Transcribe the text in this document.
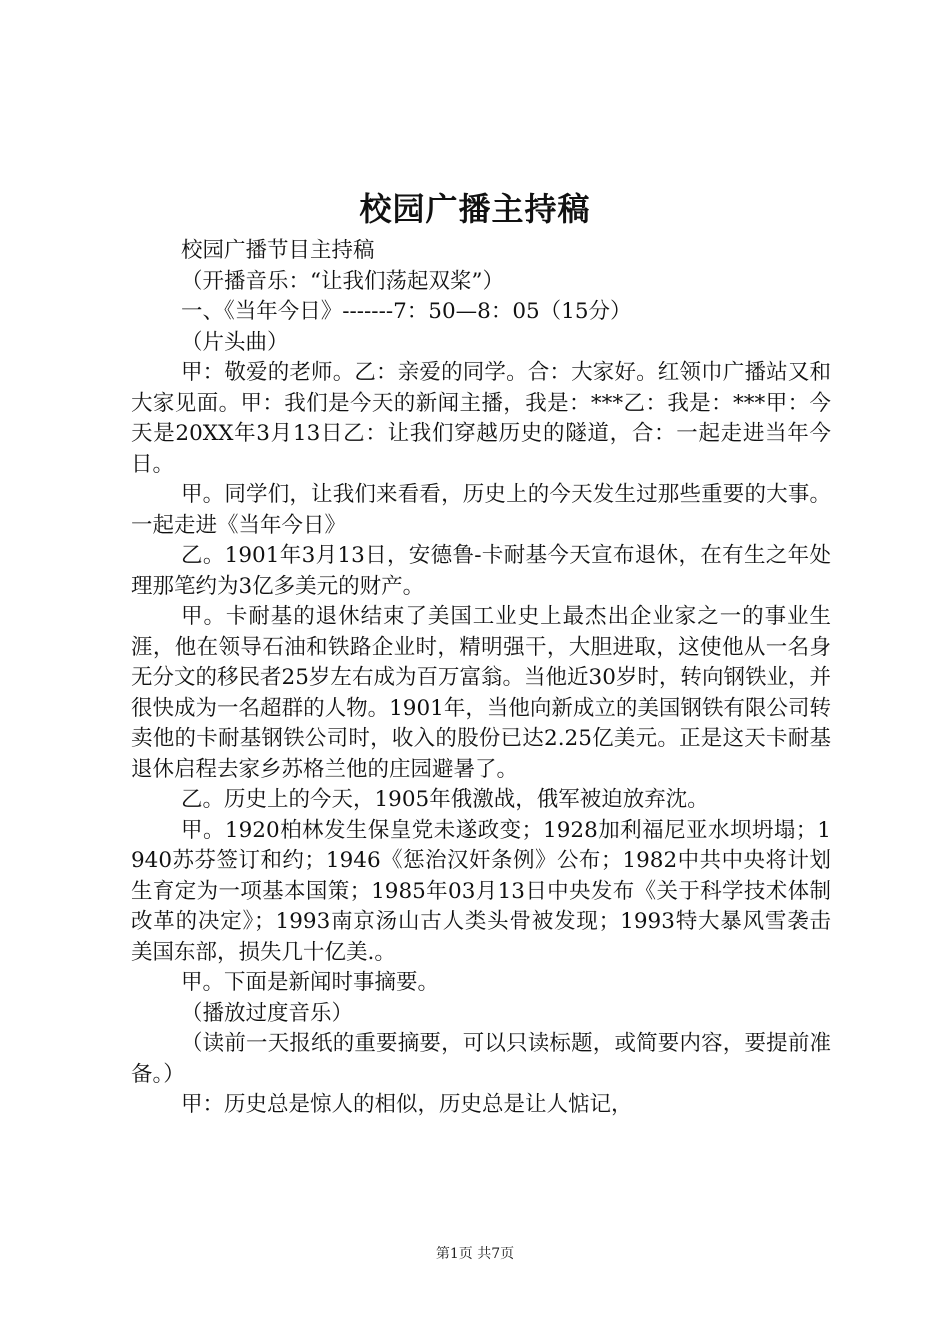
校园广播主持稿

校园广播节目主持稿

（开播音乐：“让我们荡起双桨”）

一、《当年今日》-------7：50—8：05（15分）

（片头曲）

甲：敬爱的老师。乙：亲爱的同学。合：大家好。红领巾广播站又和大家见面。甲：我们是今天的新闻主播，我是：***乙：我是：***甲：今天是20XX年3月13日乙：让我们穿越历史的隧道，合：一起走进当年今日。

甲。同学们，让我们来看看，历史上的今天发生过那些重要的大事。一起走进《当年今日》

乙。1901年3月13日，安德鲁-卡耐基今天宣布退休，在有生之年处理那笔约为3亿多美元的财产。

甲。卡耐基的退休结束了美国工业史上最杰出企业家之一的事业生涯，他在领导石油和铁路企业时，精明强干，大胆进取，这使他从一名身无分文的移民者25岁左右成为百万富翁。当他近30岁时，转向钢铁业，并很快成为一名超群的人物。1901年，当他向新成立的美国钢铁有限公司转卖他的卡耐基钢铁公司时，收入的股份已达2.25亿美元。正是这天卡耐基退休启程去家乡苏格兰他的庄园避暑了。

乙。历史上的今天，1905年俄激战，俄军被迫放弃沈。

甲。1920柏林发生保皇党未遂政变；1928加利福尼亚水坝坍塌；1940苏芬签订和约；1946《惩治汉奸条例》公布；1982中共中央将计划生育定为一项基本国策；1985年03月13日中央发布《关于科学技术体制改革的决定》；1993南京汤山古人类头骨被发现；1993特大暴风雪袭击美国东部，损失几十亿美.。

甲。下面是新闻时事摘要。

（播放过度音乐）

（读前一天报纸的重要摘要，可以只读标题，或简要内容，要提前准备。）

甲：历史总是惊人的相似，历史总是让人惦记，

第1页 共7页
